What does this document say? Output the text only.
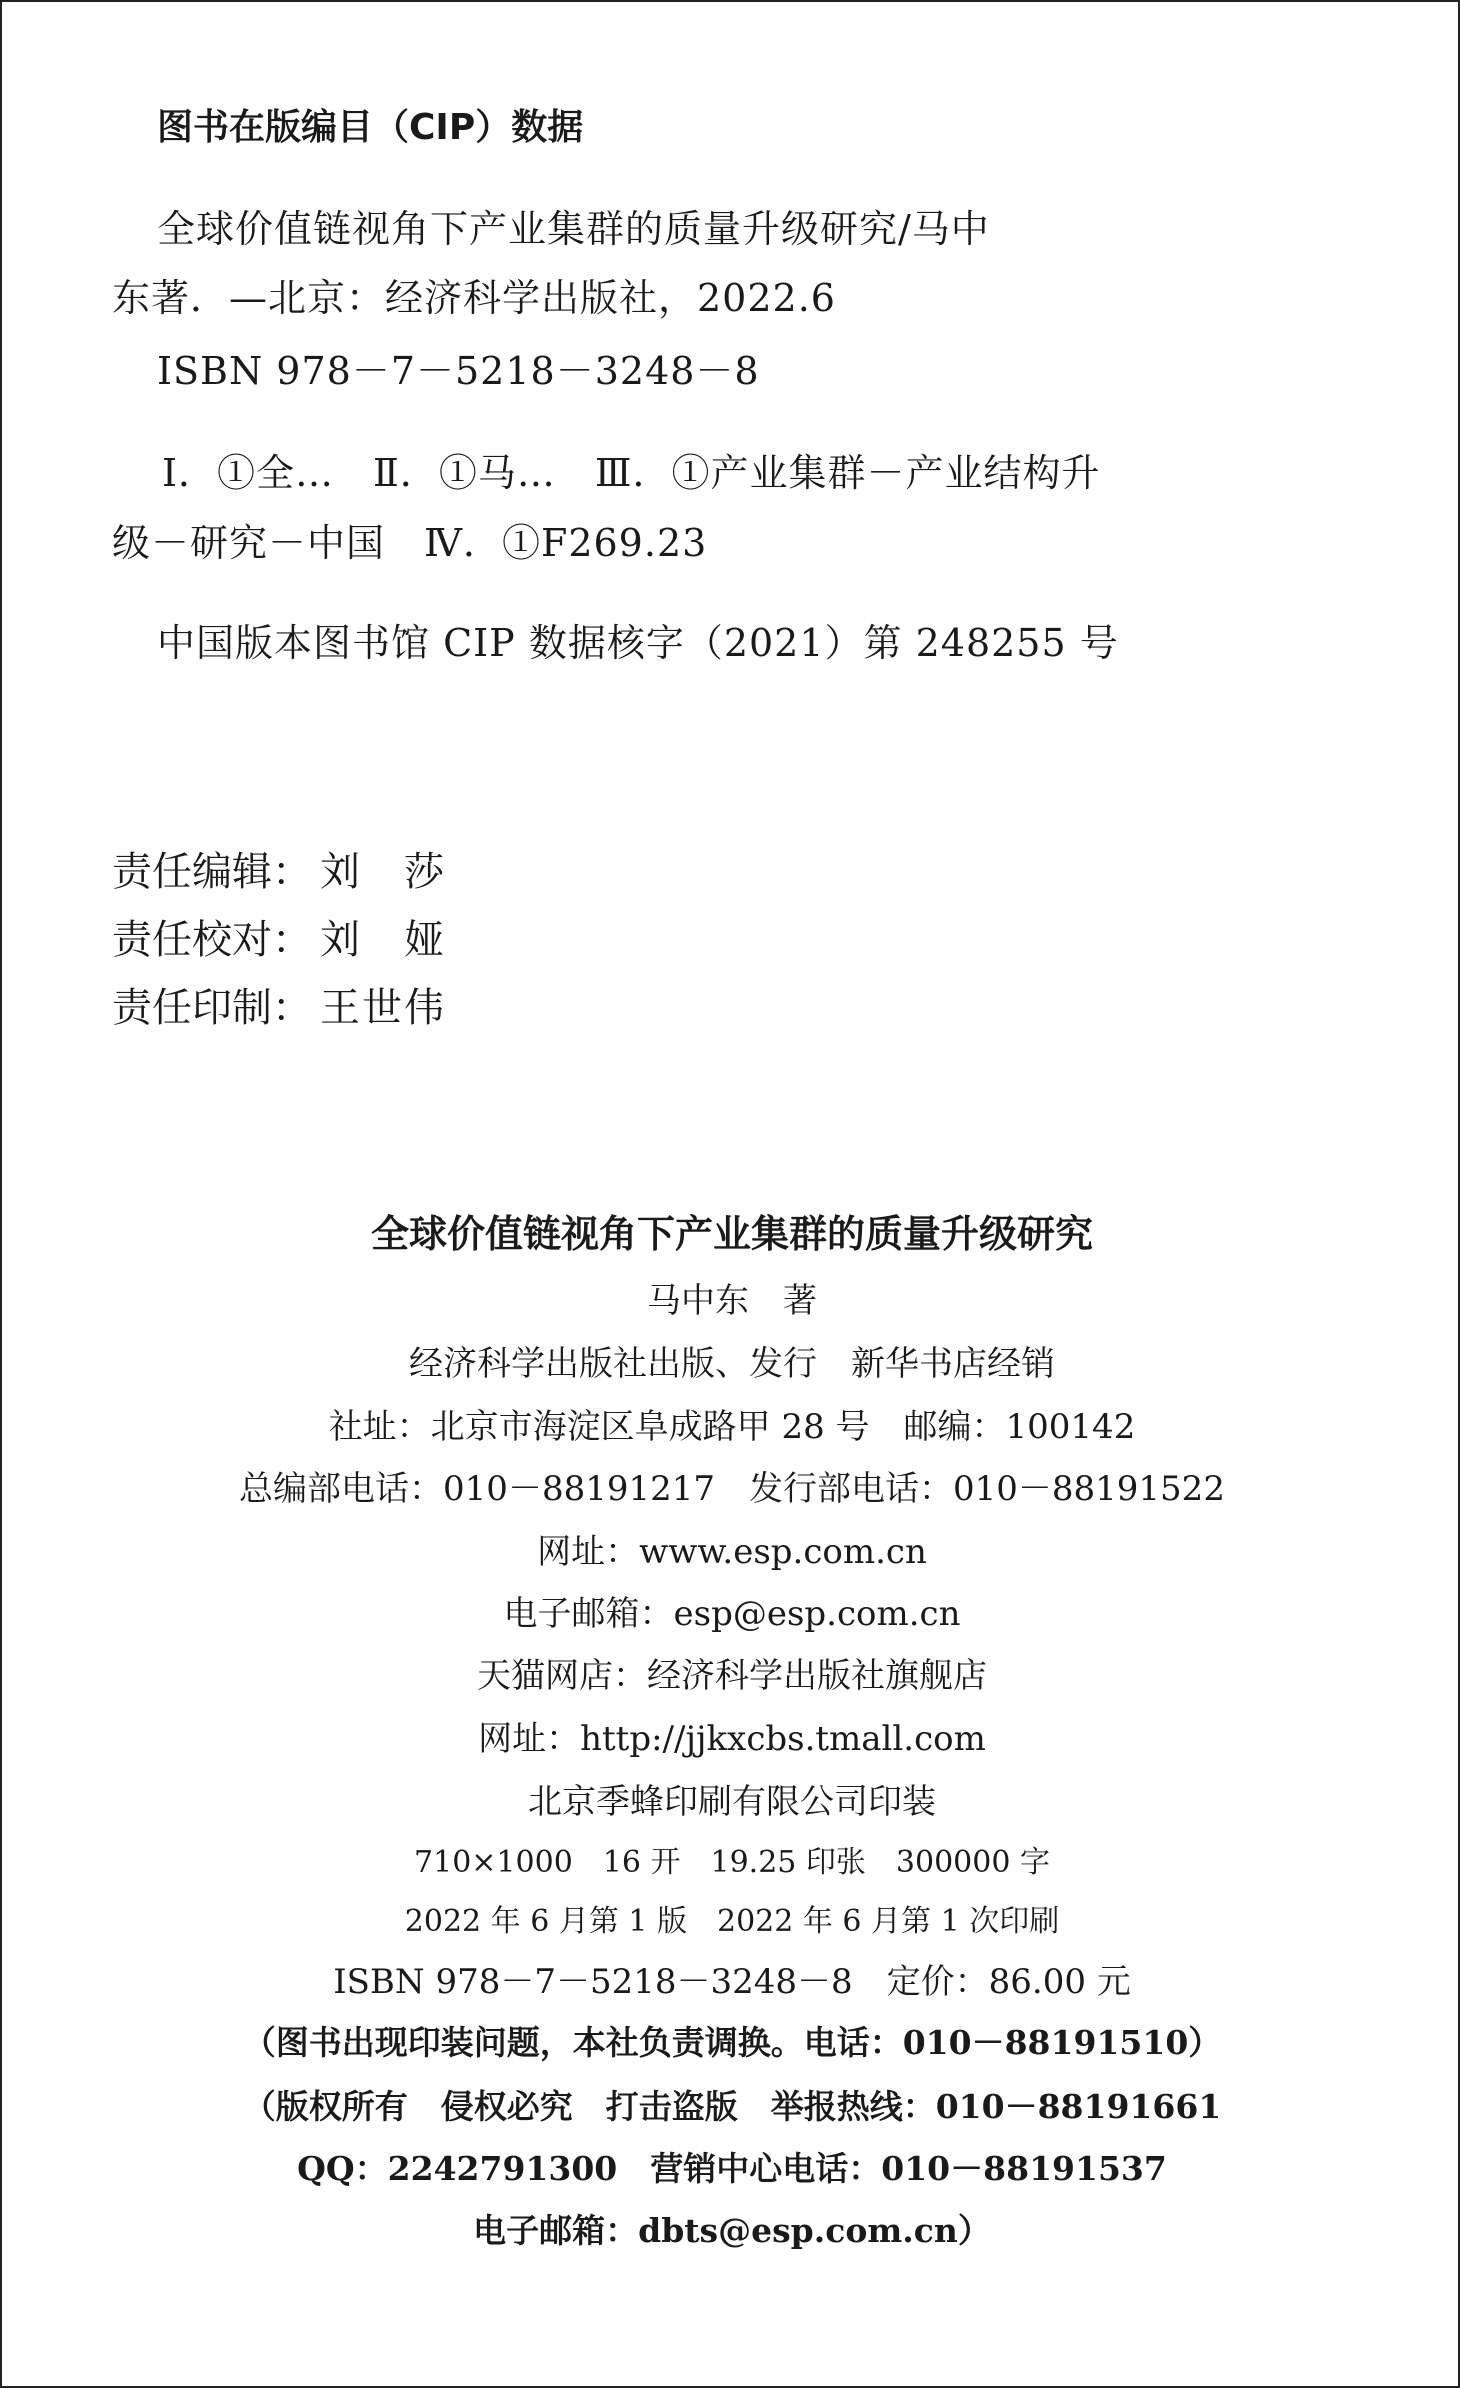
图书在版编目（CIP）数据
全球价值链视角下产业集群的质量升级研究/马中
东著．—北京：经济科学出版社，2022.6
ISBN 978－7－5218－3248－8
Ⅰ．①全…　Ⅱ．①马…　Ⅲ．①产业集群－产业结构升
级－研究－中国　Ⅳ．①F269.23
中国版本图书馆 CIP 数据核字（2021）第 248255 号
责任编辑： 刘　莎
责任校对： 刘　娅
责任印制： 王世伟
全球价值链视角下产业集群的质量升级研究
马中东　著
经济科学出版社出版、发行　新华书店经销
社址：北京市海淀区阜成路甲 28 号　邮编：100142
总编部电话：010－88191217　发行部电话：010－88191522
网址：www.esp.com.cn
电子邮箱：esp@esp.com.cn
天猫网店：经济科学出版社旗舰店
网址：http://jjkxcbs.tmall.com
北京季蜂印刷有限公司印装
710×1000　16 开　19.25 印张　300000 字
2022 年 6 月第 1 版　2022 年 6 月第 1 次印刷
ISBN 978－7－5218－3248－8　定价：86.00 元
（图书出现印装问题，本社负责调换。电话：010－88191510）
（版权所有　侵权必究　打击盗版　举报热线：010－88191661
QQ：2242791300　营销中心电话：010－88191537
电子邮箱：dbts@esp.com.cn）
